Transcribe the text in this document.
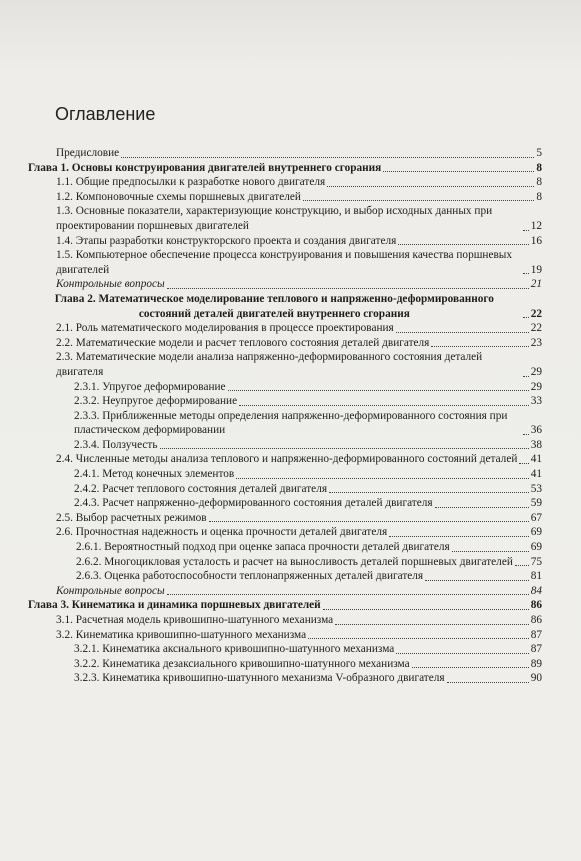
Оглавление
Предисловие	5
Глава 1. Основы конструирования двигателей внутреннего сгорания	8
1.1. Общие предпосылки к разработке нового двигателя	8
1.2. Компоновочные схемы поршневых двигателей	8
1.3. Основные показатели, характеризующие конструкцию, и выбор исходных данных при проектировании поршневых двигателей	12
1.4. Этапы разработки конструкторского проекта и создания двигателя	16
1.5. Компьютерное обеспечение процесса конструирования и повышения качества поршневых двигателей	19
Контрольные вопросы	21
Глава 2. Математическое моделирование теплового и напряженно-деформированного состояний деталей двигателей внутреннего сгорания	22
2.1. Роль математического моделирования в процессе проектирования	22
2.2. Математические модели и расчет теплового состояния деталей двигателя	23
2.3. Математические модели анализа напряженно-деформированного состояния деталей двигателя	29
2.3.1. Упругое деформирование	29
2.3.2. Неупругое деформирование	33
2.3.3. Приближенные методы определения напряженно-деформированного состояния при пластическом деформировании	36
2.3.4. Ползучесть	38
2.4. Численные методы анализа теплового и напряженно-деформированного состояний деталей 41
2.4.1. Метод конечных элементов	41
2.4.2. Расчет теплового состояния деталей двигателя	53
2.4.3. Расчет напряженно-деформированного состояния деталей двигателя	59
2.5. Выбор расчетных режимов	67
2.6. Прочностная надежность и оценка прочности деталей двигателя	69
2.6.1. Вероятностный подход при оценке запаса прочности деталей двигателя	69
2.6.2. Многоцикловая усталость и расчет на выносливость деталей поршневых двигателей 75
2.6.3. Оценка работоспособности теплонапряженных деталей двигателя	81
Контрольные вопросы	84
Глава 3. Кинематика и динамика поршневых двигателей	86
3.1. Расчетная модель кривошипно-шатунного механизма	86
3.2. Кинематика кривошипно-шатунного механизма	87
3.2.1. Кинематика аксиального кривошипно-шатунного механизма	87
3.2.2. Кинематика дезаксиального кривошипно-шатунного механизма	89
3.2.3. Кинематика кривошипно-шатунного механизма V-образного двигателя	90
